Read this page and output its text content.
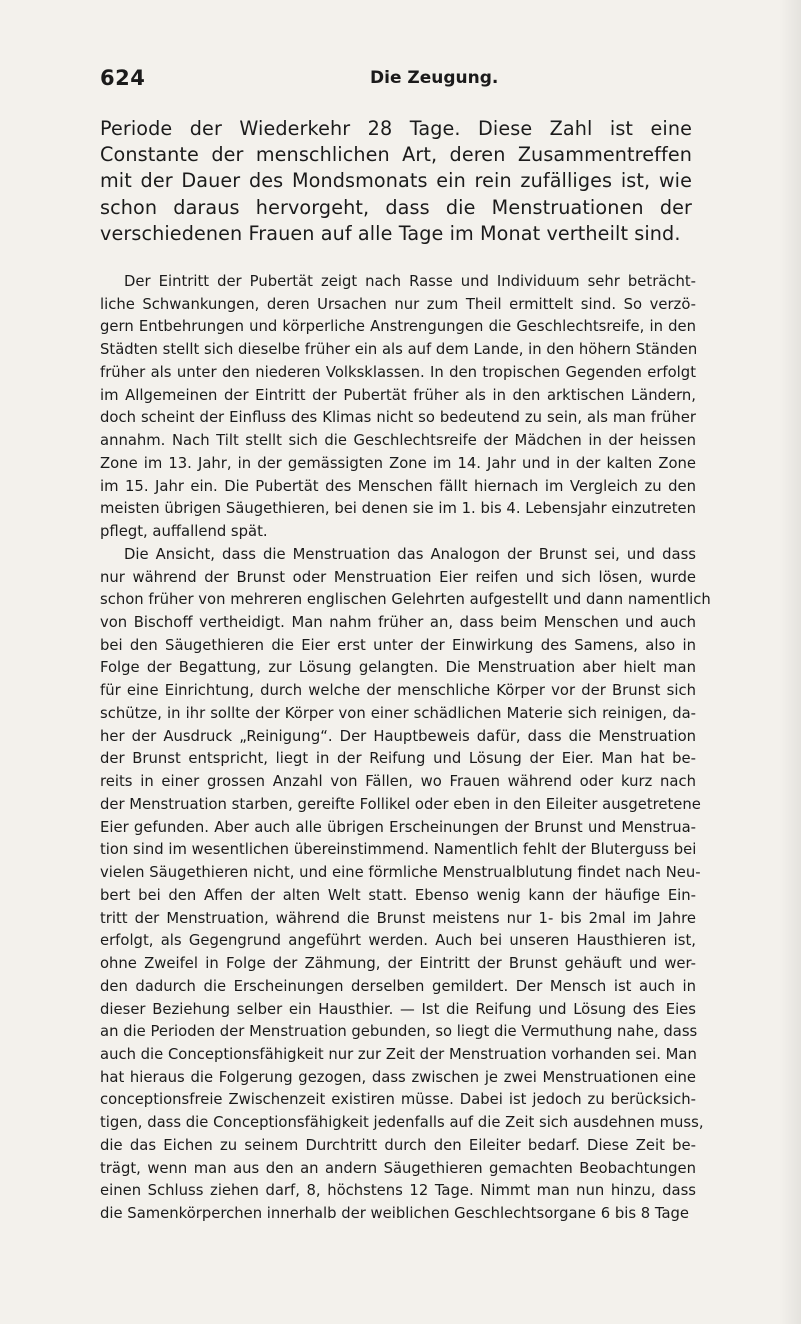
624	Die Zeugung.
Periode der Wiederkehr 28 Tage. Diese Zahl ist eine Constante der menschlichen Art, deren Zusammentreffen mit der Dauer des Mondsmonats ein rein zufälliges ist, wie schon daraus hervorgeht, dass die Menstruationen der verschiedenen Frauen auf alle Tage im Monat vertheilt sind.
Der Eintritt der Pubertät zeigt nach Rasse und Individuum sehr beträcht-
liche Schwankungen, deren Ursachen nur zum Theil ermittelt sind. So verzö-
gern Entbehrungen und körperliche Anstrengungen die Geschlechtsreife, in den
Städten stellt sich dieselbe früher ein als auf dem Lande, in den höhern Ständen
früher als unter den niederen Volksklassen. In den tropischen Gegenden erfolgt
im Allgemeinen der Eintritt der Pubertät früher als in den arktischen Ländern,
doch scheint der Einfluss des Klimas nicht so bedeutend zu sein, als man früher
annahm. Nach Tilt stellt sich die Geschlechtsreife der Mädchen in der heissen
Zone im 13. Jahr, in der gemässigten Zone im 14. Jahr und in der kalten Zone
im 15. Jahr ein. Die Pubertät des Menschen fällt hiernach im Vergleich zu den
meisten übrigen Säugethieren, bei denen sie im 1. bis 4. Lebensjahr einzutreten
pflegt, auffallend spät.
Die Ansicht, dass die Menstruation das Analogon der Brunst sei, und dass
nur während der Brunst oder Menstruation Eier reifen und sich lösen, wurde
schon früher von mehreren englischen Gelehrten aufgestellt und dann namentlich
von Bischoff vertheidigt. Man nahm früher an, dass beim Menschen und auch
bei den Säugethieren die Eier erst unter der Einwirkung des Samens, also in
Folge der Begattung, zur Lösung gelangten. Die Menstruation aber hielt man
für eine Einrichtung, durch welche der menschliche Körper vor der Brunst sich
schütze, in ihr sollte der Körper von einer schädlichen Materie sich reinigen, da-
her der Ausdruck „Reinigung“. Der Hauptbeweis dafür, dass die Menstruation
der Brunst entspricht, liegt in der Reifung und Lösung der Eier. Man hat be-
reits in einer grossen Anzahl von Fällen, wo Frauen während oder kurz nach
der Menstruation starben, gereifte Follikel oder eben in den Eileiter ausgetretene
Eier gefunden. Aber auch alle übrigen Erscheinungen der Brunst und Menstrua-
tion sind im wesentlichen übereinstimmend. Namentlich fehlt der Bluterguss bei
vielen Säugethieren nicht, und eine förmliche Menstrualblutung findet nach Neu-
bert bei den Affen der alten Welt statt. Ebenso wenig kann der häufige Ein-
tritt der Menstruation, während die Brunst meistens nur 1- bis 2mal im Jahre
erfolgt, als Gegengrund angeführt werden. Auch bei unseren Hausthieren ist,
ohne Zweifel in Folge der Zähmung, der Eintritt der Brunst gehäuft und wer-
den dadurch die Erscheinungen derselben gemildert. Der Mensch ist auch in
dieser Beziehung selber ein Hausthier. — Ist die Reifung und Lösung des Eies
an die Perioden der Menstruation gebunden, so liegt die Vermuthung nahe, dass
auch die Conceptionsfähigkeit nur zur Zeit der Menstruation vorhanden sei. Man
hat hieraus die Folgerung gezogen, dass zwischen je zwei Menstruationen eine
conceptionsfreie Zwischenzeit existiren müsse. Dabei ist jedoch zu berücksich-
tigen, dass die Conceptionsfähigkeit jedenfalls auf die Zeit sich ausdehnen muss,
die das Eichen zu seinem Durchtritt durch den Eileiter bedarf. Diese Zeit be-
trägt, wenn man aus den an andern Säugethieren gemachten Beobachtungen
einen Schluss ziehen darf, 8, höchstens 12 Tage. Nimmt man nun hinzu, dass
die Samenkörperchen innerhalb der weiblichen Geschlechtsorgane 6 bis 8 Tage
